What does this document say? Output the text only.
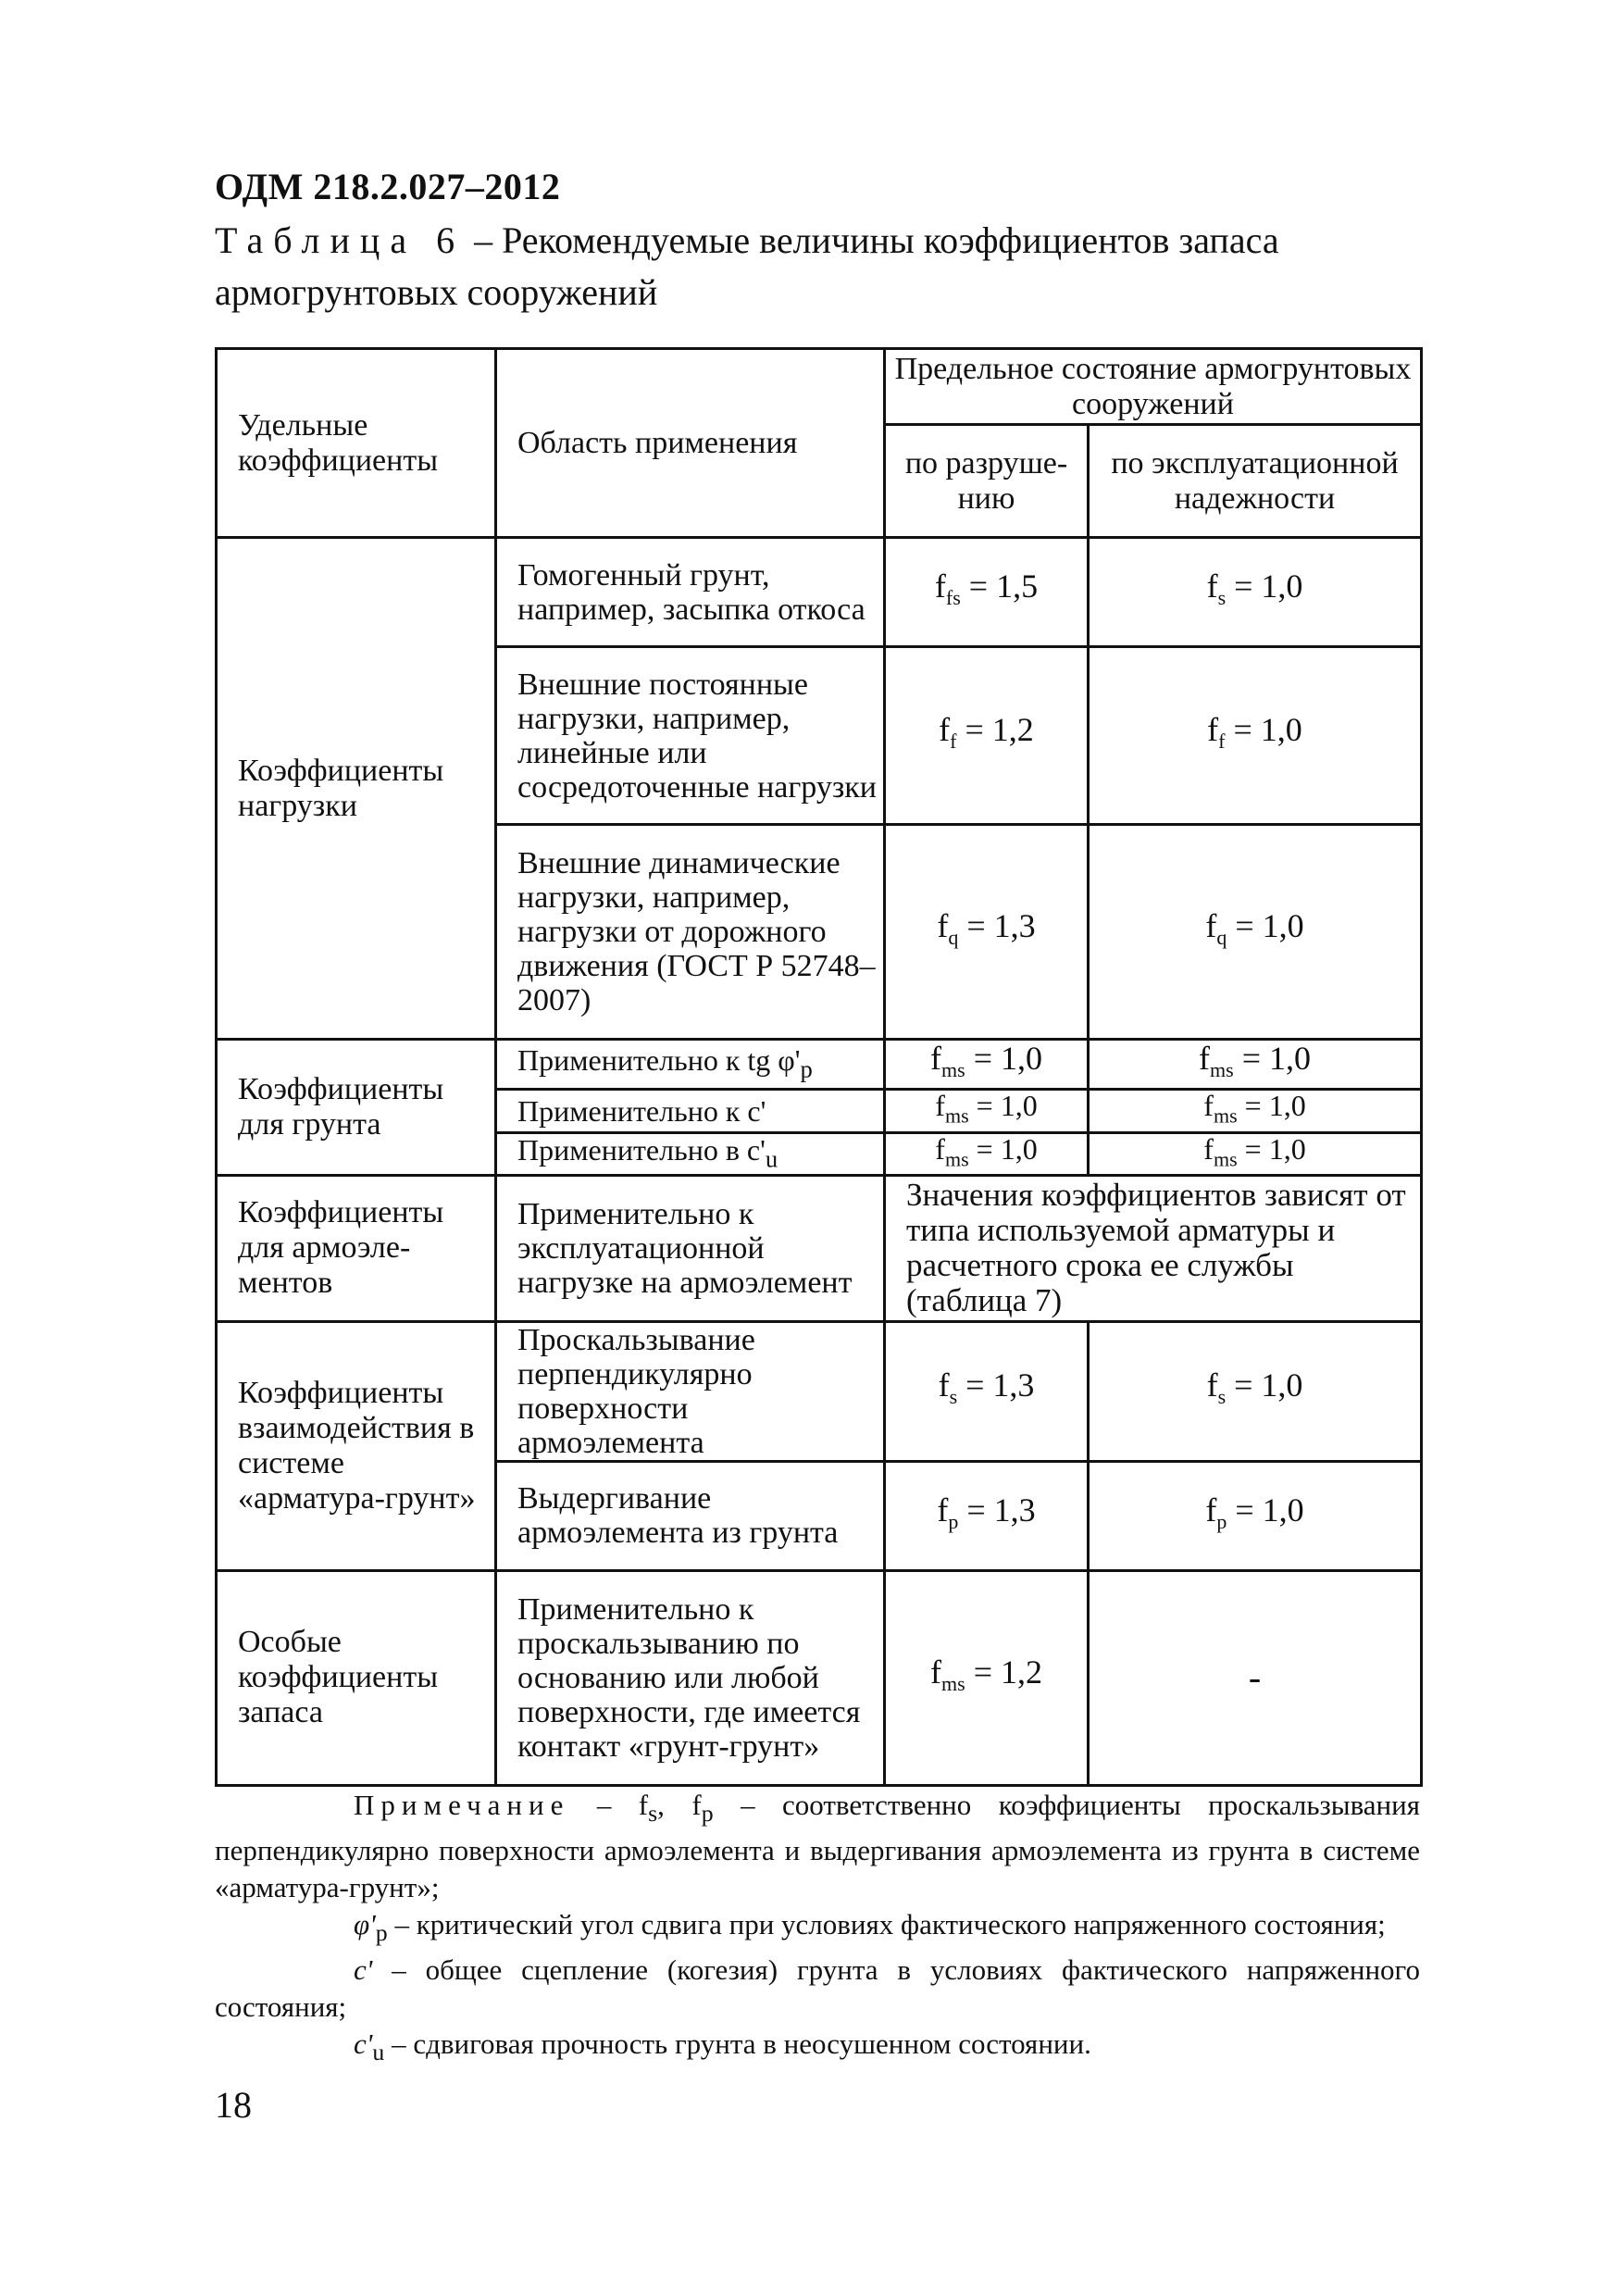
ОДМ 218.2.027–2012
Таблица 6 – Рекомендуемые величины коэффициентов запаса армогрунтовых сооружений
Удельные коэффициенты	Область применения	Предельное состояние армогрунтовых сооружений	
		по разруше-нию	по эксплуатационной надежности
Коэффициенты нагрузки	Гомогенный грунт, например, засыпка откоса	$f_{fs} = 1,5$	$f_s = 1,0$
	Внешние постоянные нагрузки, например, линейные или сосредоточенные нагрузки	$f_f = 1,2$	$f_f = 1,0$
	Внешние динамические нагрузки, например, нагрузки от дорожного движения (ГОСТ Р 52748–2007)	$f_q = 1,3$	$f_q = 1,0$
Коэффициенты для грунта	Применительно к tg $\varphi'_p$	$f_{ms} = 1,0$	$f_{ms} = 1,0$
	Применительно к c'	$f_{ms} = 1,0$	$f_{ms} = 1,0$
	Применительно в $c'_u$	$f_{ms} = 1,0$	$f_{ms} = 1,0$
Коэффициенты для армоэле-ментов	Применительно к эксплуатационной нагрузке на армоэлемент	Значения коэффициентов зависят от типа используемой арматуры и расчетного срока ее службы (таблица 7)	
Коэффициенты взаимодействия в системе «арматура-грунт»	Проскальзывание перпендикулярно поверхности армоэлемента	$f_s = 1,3$	$f_s = 1,0$
	Выдергивание армоэлемента из грунта	$f_p = 1,3$	$f_p = 1,0$
Особые коэффициенты запаса	Применительно к проскальзыванию по основанию или любой поверхности, где имеется контакт «грунт-грунт»	$f_{ms} = 1,2$	-

Примечание – $f_s$, $f_p$ – соответственно коэффициенты проскальзывания перпендикулярно поверхности армоэлемента и выдергивания армоэлемента из грунта в системе «арматура-грунт»;

$\varphi'_p$ – критический угол сдвига при условиях фактического напряженного состояния;

c' – общее сцепление (когезия) грунта в условиях фактического напряженного состояния;

$c'_u$ – сдвиговая прочность грунта в неосушенном состоянии.

18
